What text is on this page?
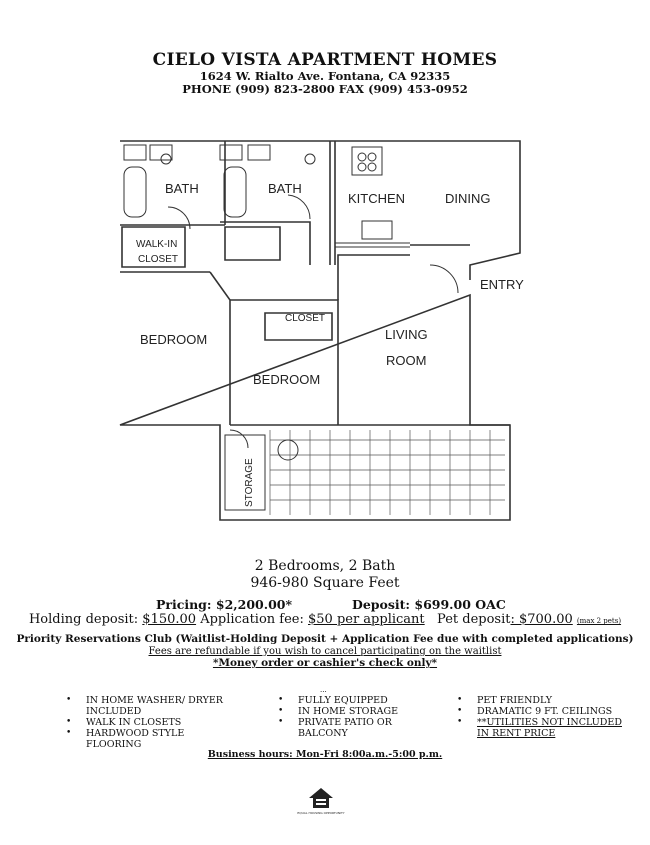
CIELO VISTA APARTMENT HOMES
1624 W. Rialto Ave. Fontana, CA 92335
PHONE (909) 823-2800 FAX (909) 453-0952
BATH	BATH
KITCHEN	DINING
WALK-IN
CLOSET
ENTRY
CLOSET
BEDROOM	LIVING
ROOM
BEDROOM
STORAGE
2 Bedrooms, 2 Bath
946-980 Square Feet
Pricing: $2,200.00*	Deposit: $699.00 OAC
Holding deposit: $150.00 Application fee: $50 per applicant   Pet deposit: $700.00 (max 2 pets)
Priority Reservations Club (Waitlist-Holding Deposit + Application Fee due with completed applications)
Fees are refundable if you wish to cancel participating on the waitlist
*Money order or cashier's check only*
• IN HOME WASHER/ DRYER INCLUDED
• WALK IN CLOSETS
• HARDWOOD STYLE FLOORING
...
• FULLY EQUIPPED
• IN HOME STORAGE
• PRIVATE PATIO OR BALCONY
• PET FRIENDLY
• DRAMATIC 9 FT. CEILINGS
• **UTILITIES NOT INCLUDED IN RENT PRICE
Business hours: Mon-Fri 8:00a.m.-5:00 p.m.
EQUAL HOUSING OPPORTUNITY
